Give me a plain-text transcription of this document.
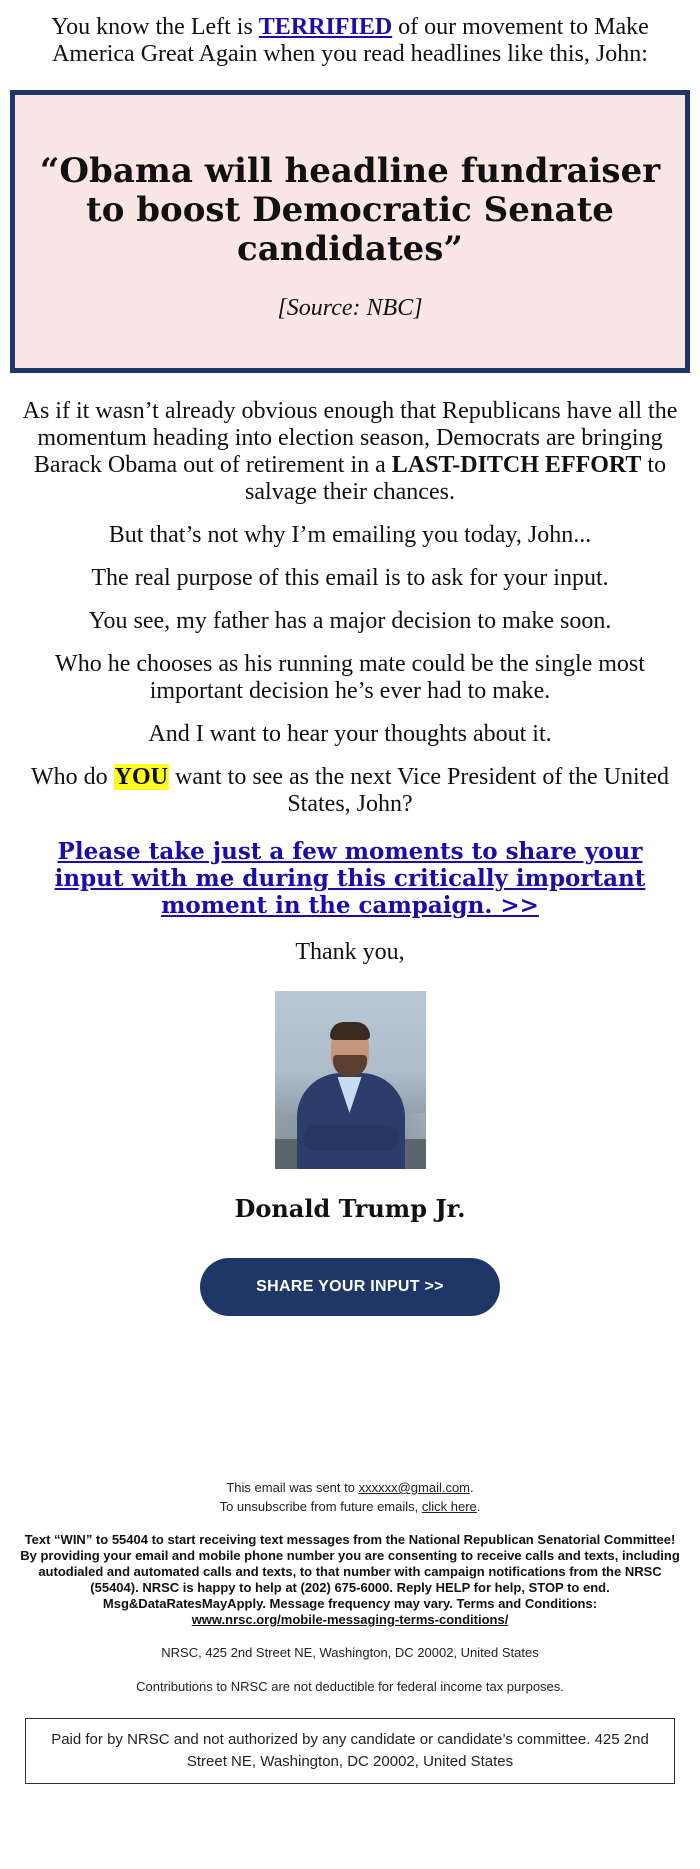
You know the Left is TERRIFIED of our movement to Make America Great Again when you read headlines like this, John:

“Obama will headline fundraiser to boost Democratic Senate candidates”
[Source: NBC]

As if it wasn’t already obvious enough that Republicans have all the momentum heading into election season, Democrats are bringing Barack Obama out of retirement in a LAST-DITCH EFFORT to salvage their chances.

But that’s not why I’m emailing you today, John...

The real purpose of this email is to ask for your input.

You see, my father has a major decision to make soon.

Who he chooses as his running mate could be the single most important decision he’s ever had to make.

And I want to hear your thoughts about it.

Who do YOU want to see as the next Vice President of the United States, John?

Please take just a few moments to share your input with me during this critically important moment in the campaign. >>

Thank you,

Donald Trump Jr.
SHARE YOUR INPUT >>
This email was sent to xxxxxx@gmail.com.
To unsubscribe from future emails, click here.
Text “WIN” to 55404 to start receiving text messages from the National Republican Senatorial Committee! By providing your email and mobile phone number you are consenting to receive calls and texts, including autodialed and automated calls and texts, to that number with campaign notifications from the NRSC (55404). NRSC is happy to help at (202) 675-6000. Reply HELP for help, STOP to end. Msg&DataRatesMayApply. Message frequency may vary. Terms and Conditions:
www.nrsc.org/mobile-messaging-terms-conditions/
NRSC, 425 2nd Street NE, Washington, DC 20002, United States
Contributions to NRSC are not deductible for federal income tax purposes.
Paid for by NRSC and not authorized by any candidate or candidate’s committee. 425 2nd Street NE, Washington, DC 20002, United States
